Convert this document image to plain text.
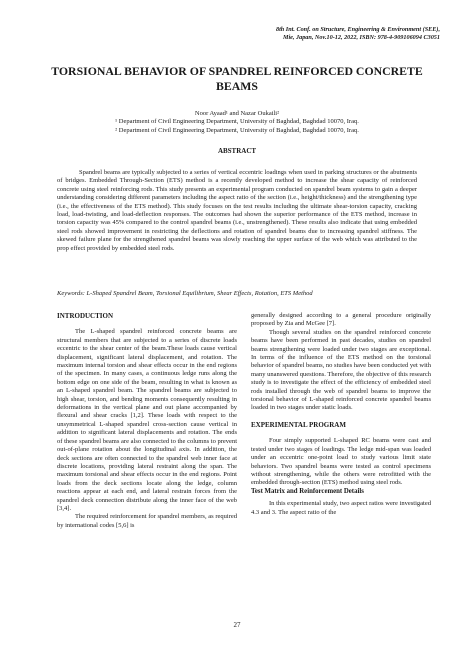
8th Int. Conf. on Structure, Engineering & Environment (SEE),
Mie, Japan, Nov.10-12, 2022, ISBN: 978-4-909106094 C3051
TORSIONAL BEHAVIOR OF SPANDREL REINFORCED CONCRETE
BEAMS
Noor Ayaad¹ and Nazar Oukaili²
¹ Department of Civil Engineering Department, University of Baghdad, Baghdad 10070, Iraq.
² Department of Civil Engineering Department, University of Baghdad, Baghdad 10070, Iraq.
ABSTRACT
Spandrel beams are typically subjected to a series of vertical eccentric loadings when used in parking structures or the abutments of bridges. Embedded Through-Section (ETS) method is a recently developed method to increase the shear capacity of reinforced concrete using steel reinforcing rods. This study presents an experimental program conducted on spandrel beam systems to gain a deeper understanding considering different parameters including the aspect ratio of the section (i.e., height/thickness) and the strengthening type (i.e., the effectiveness of the ETS method). This study focuses on the test results including the ultimate shear-torsion capacity, cracking load, load-twisting, and load-deflection responses. The outcomes had shown the superior performance of the ETS method, increase in torsion capacity was 45% compared to the control spandrel beams (i.e., unstrengthened). These results also indicate that using embedded steel rods showed improvement in restricting the deflections and rotation of spandrel beams due to increasing spandrel stiffness. The skewed failure plane for the strengthened spandrel beams was slowly reaching the upper surface of the web which was attributed to the prop effect provided by embedded steel rods.
Keywords: L-Shaped Spandrel Beam, Torsional Equilibrium, Shear Effects, Rotation, ETS Method
INTRODUCTION

The L-shaped spandrel reinforced concrete beams are structural members that are subjected to a series of discrete loads eccentric to the shear center of the beam.These loads cause vertical displacement, significant lateral displacement, and rotation. The maximum internal torsion and shear effects occur in the end regions of the specimen. In many cases, a continuous ledge runs along the bottom edge on one side of the beam, resulting in what is known as an L-shaped spandrel beam. The spandrel beams are subjected to high shear, torsion, and bending moments consequently resulting in deformations in the vertical plane and out plane accompanied by flexural and shear cracks [1,2]. These loads with respect to the unsymmetrical L-shaped spandrel cross-section cause vertical in addition to significant lateral displacements and rotation. The ends of these spandrel beams are also connected to the columns to prevent out-of-plane rotation about the longitudinal axis. In addition, the deck sections are often connected to the spandrel web inner face at discrete locations, providing lateral restraint along the span. The maximum torsional and shear effects occur in the end regions. Point loads from the deck sections locate along the ledge, column reactions appear at each end, and lateral restrain forces from the spandrel deck connection distribute along the inner face of the web [3,4].

The required reinforcement for spandrel members, as required by international codes [5,6] is

generally designed according to a general procedure originally proposed by Zia and McGee [7].

Though several studies on the spandrel reinforced concrete beams have been performed in past decades, studies on spandrel beams strengthening were loaded under two stages are exceptional. In terms of the influence of the ETS method on the torsional behavior of spandrel beams, no studies have been conducted yet with many unanswered questions. Therefore, the objective of this research study is to investigate the effect of the efficiency of embedded steel rods installed through the web of spandrel beams to improve the torsional behavior of L-shaped reinforced concrete spandrel beams loaded in two stages under static loads.

EXPERIMENTAL PROGRAM

Four simply supported L-shaped RC beams were cast and tested under two stages of loadings. The ledge mid-span was loaded under an eccentric one-point load to study various limit state behaviors. Two spandrel beams were tested as control specimens without strengthening, while the others were retrofitted with the embedded through-section (ETS) method using steel rods.

Test Matrix and Reinforcement Details

In this experimental study, two aspect ratios were investigated 4.3 and 3. The aspect ratio of the

27
